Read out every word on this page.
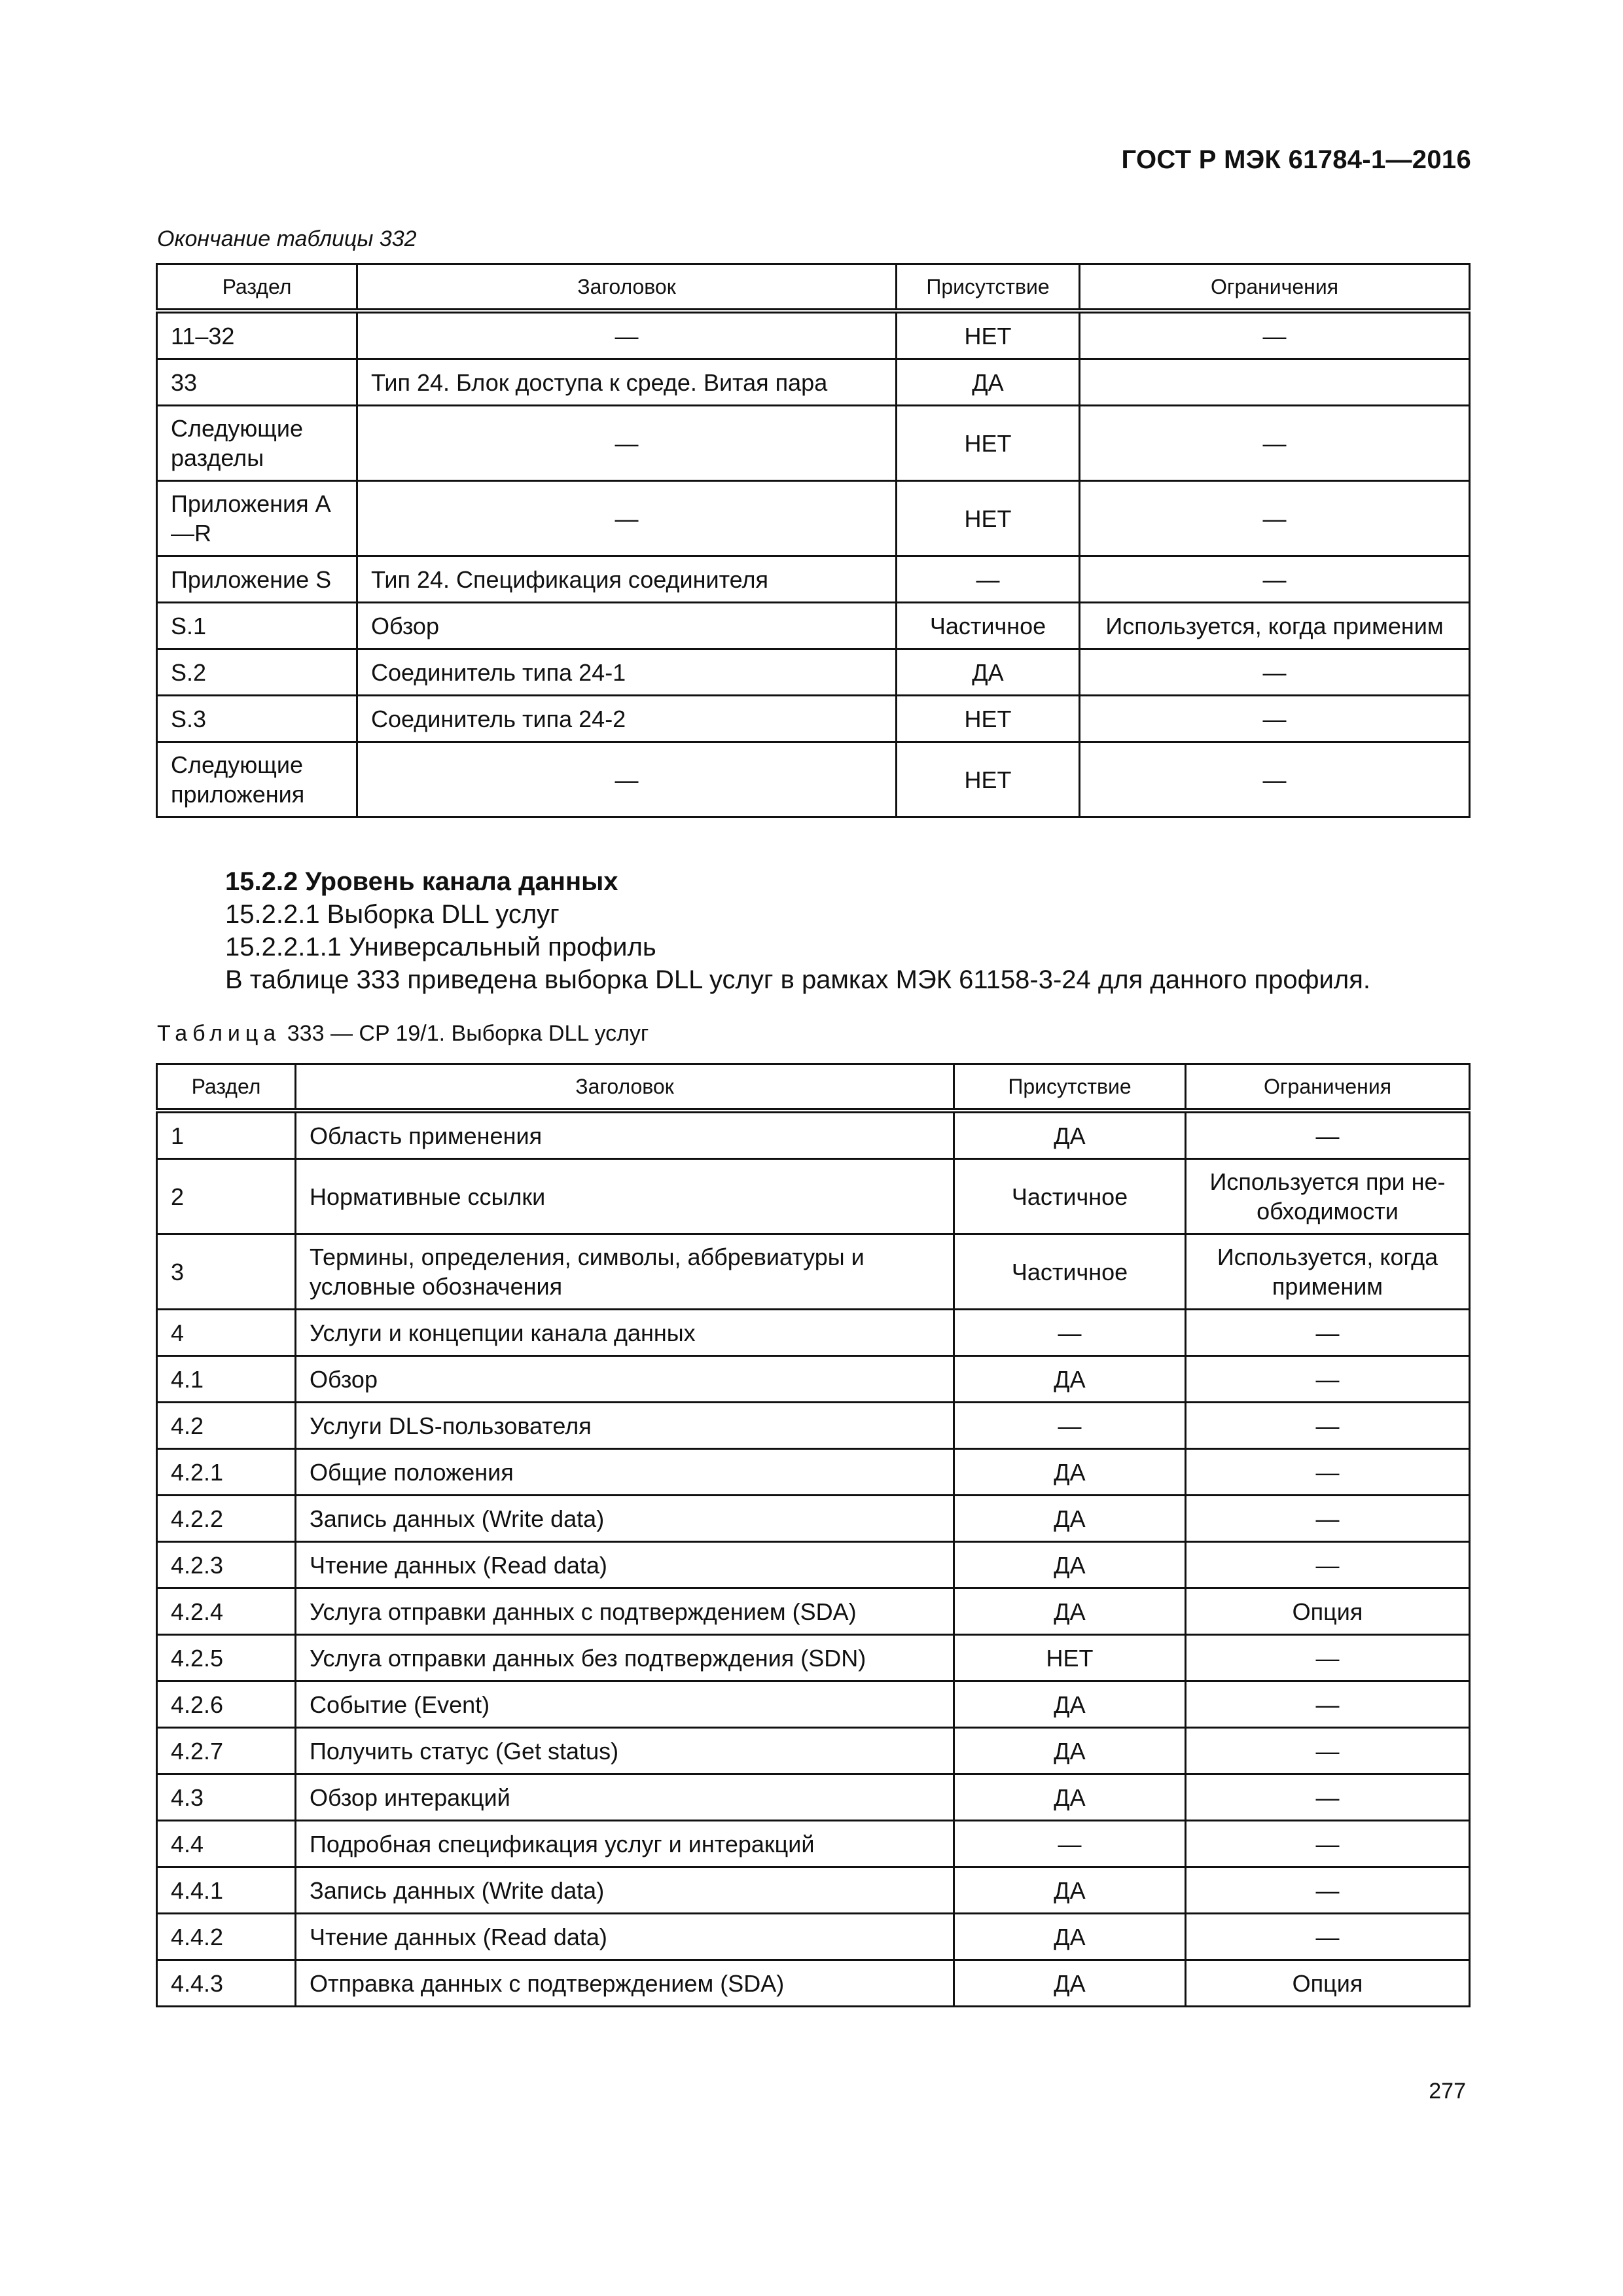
ГОСТ Р МЭК 61784-1—2016
Окончание таблицы 332
Раздел	Заголовок	Присутствие	Ограничения
11–32	—	НЕТ	—
33	Тип 24. Блок доступа к среде. Витая пара	ДА	
Следующие разделы	—	НЕТ	—
Приложения A—R	—	НЕТ	—
Приложение S	Тип 24. Спецификация соединителя	—	—
S.1	Обзор	Частичное	Используется, когда применим
S.2	Соединитель типа 24-1	ДА	—
S.3	Соединитель типа 24-2	НЕТ	—
Следующие приложения	—	НЕТ	—
15.2.2 Уровень канала данных
15.2.2.1 Выборка DLL услуг
15.2.2.1.1 Универсальный профиль
В таблице 333 приведена выборка DLL услуг в рамках МЭК 61158-3-24 для данного профиля.
Таблица 333 — CP 19/1. Выборка DLL услуг
Раздел	Заголовок	Присутствие	Ограничения
1	Область применения	ДА	—
2	Нормативные ссылки	Частичное	Используется при не-обходимости
3	Термины, определения, символы, аббревиатуры и условные обозначения	Частичное	Используется, когда применим
4	Услуги и концепции канала данных	—	—
4.1	Обзор	ДА	—
4.2	Услуги DLS-пользователя	—	—
4.2.1	Общие положения	ДА	—
4.2.2	Запись данных (Write data)	ДА	—
4.2.3	Чтение данных (Read data)	ДА	—
4.2.4	Услуга отправки данных с подтверждением (SDA)	ДА	Опция
4.2.5	Услуга отправки данных без подтверждения (SDN)	НЕТ	—
4.2.6	Событие (Event)	ДА	—
4.2.7	Получить статус (Get status)	ДА	—
4.3	Обзор интеракций	ДА	—
4.4	Подробная спецификация услуг и интеракций	—	—
4.4.1	Запись данных (Write data)	ДА	—
4.4.2	Чтение данных (Read data)	ДА	—
4.4.3	Отправка данных с подтверждением (SDA)	ДА	Опция
277
